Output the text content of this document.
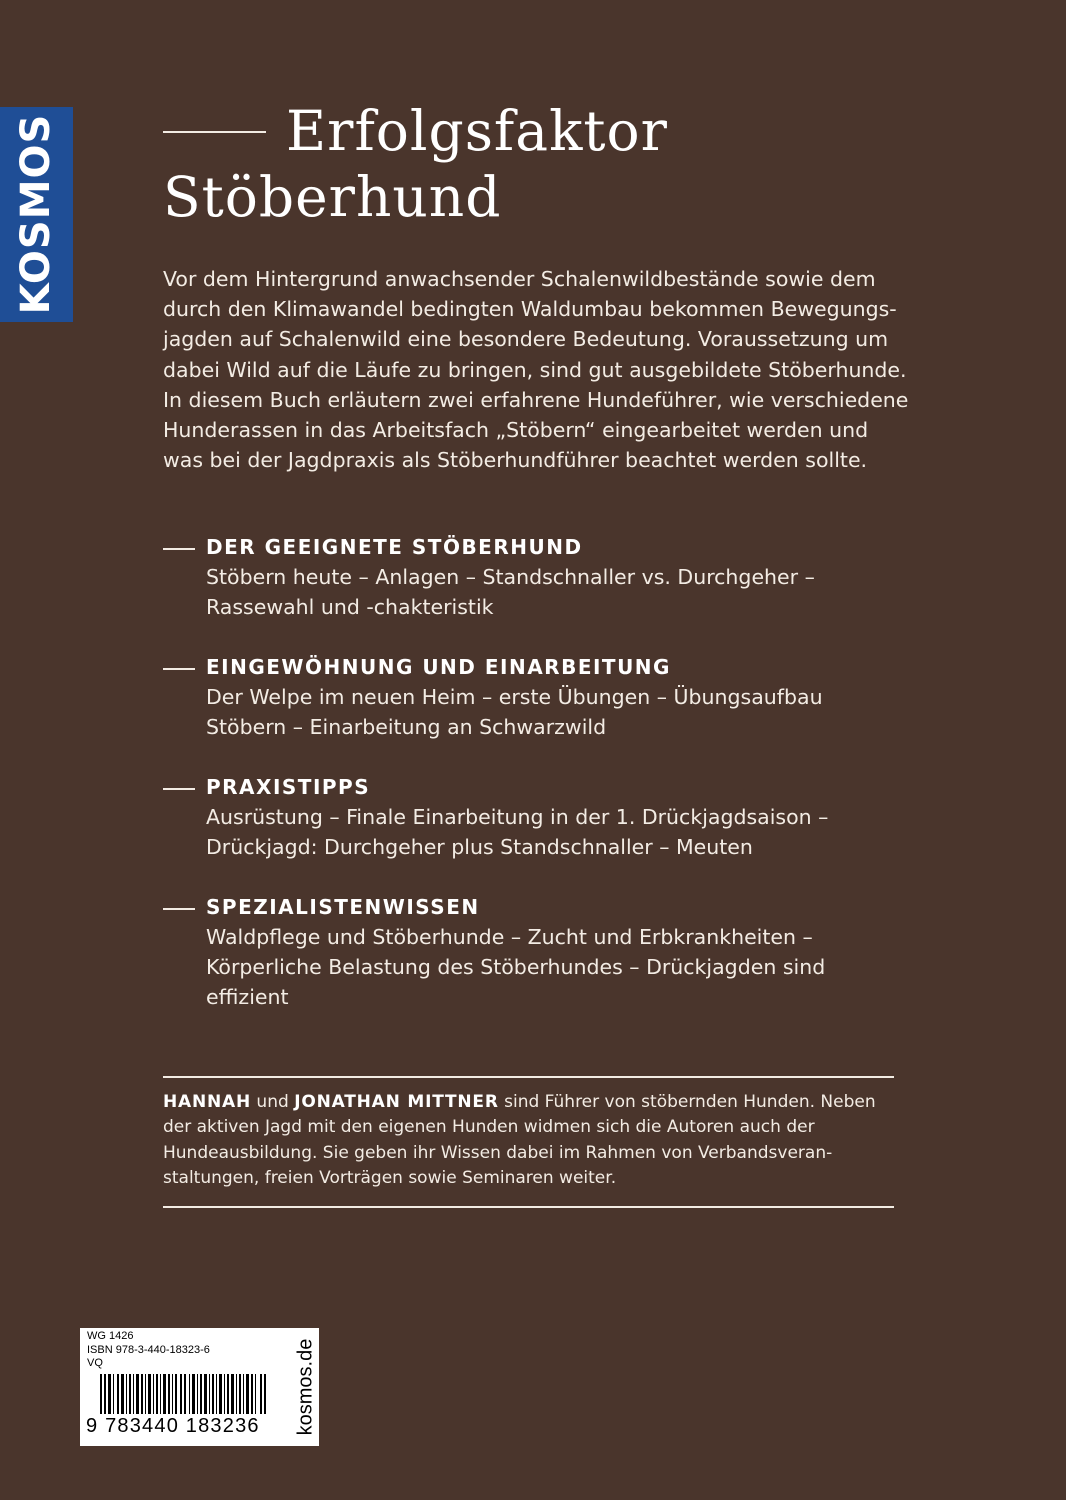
KOSMOS	Erfolgsfaktor
Stöberhund

Vor dem Hintergrund anwachsender Schalenwildbestände sowie dem

durch den Klimawandel bedingten Waldumbau bekommen Bewegungs-

jagden auf Schalenwild eine besondere Bedeutung. Voraussetzung um

dabei Wild auf die Läufe zu bringen, sind gut ausgebildete Stöberhunde.

In diesem Buch erläutern zwei erfahrene Hundeführer, wie verschiedene

Hunderassen in das Arbeitsfach „Stöbern“ eingearbeitet werden und

was bei der Jagdpraxis als Stöberhundführer beachtet werden sollte.

DER GEEIGNETE STÖBERHUND

Stöbern heute – Anlagen – Standschnaller vs. Durchgeher –

Rassewahl und -chakteristik

EINGEWÖHNUNG UND EINARBEITUNG

Der Welpe im neuen Heim – erste Übungen – Übungsaufbau

Stöbern – Einarbeitung an Schwarzwild

PRAXISTIPPS

Ausrüstung – Finale Einarbeitung in der 1. Drückjagdsaison –

Drückjagd: Durchgeher plus Standschnaller – Meuten

SPEZIALISTENWISSEN

Waldpflege und Stöberhunde – Zucht und Erbkrankheiten –

Körperliche Belastung des Stöberhundes – Drückjagden sind

effizient

HANNAH und JONATHAN MITTNER sind Führer von stöbernden Hunden. Neben

der aktiven Jagd mit den eigenen Hunden widmen sich die Autoren auch der

Hundeausbildung. Sie geben ihr Wissen dabei im Rahmen von Verbandsveran-

staltungen, freien Vorträgen sowie Seminaren weiter.

WG 1426
ISBN 978-3-440-18323-6
VQ
9 783440 183236	kosmos.de
